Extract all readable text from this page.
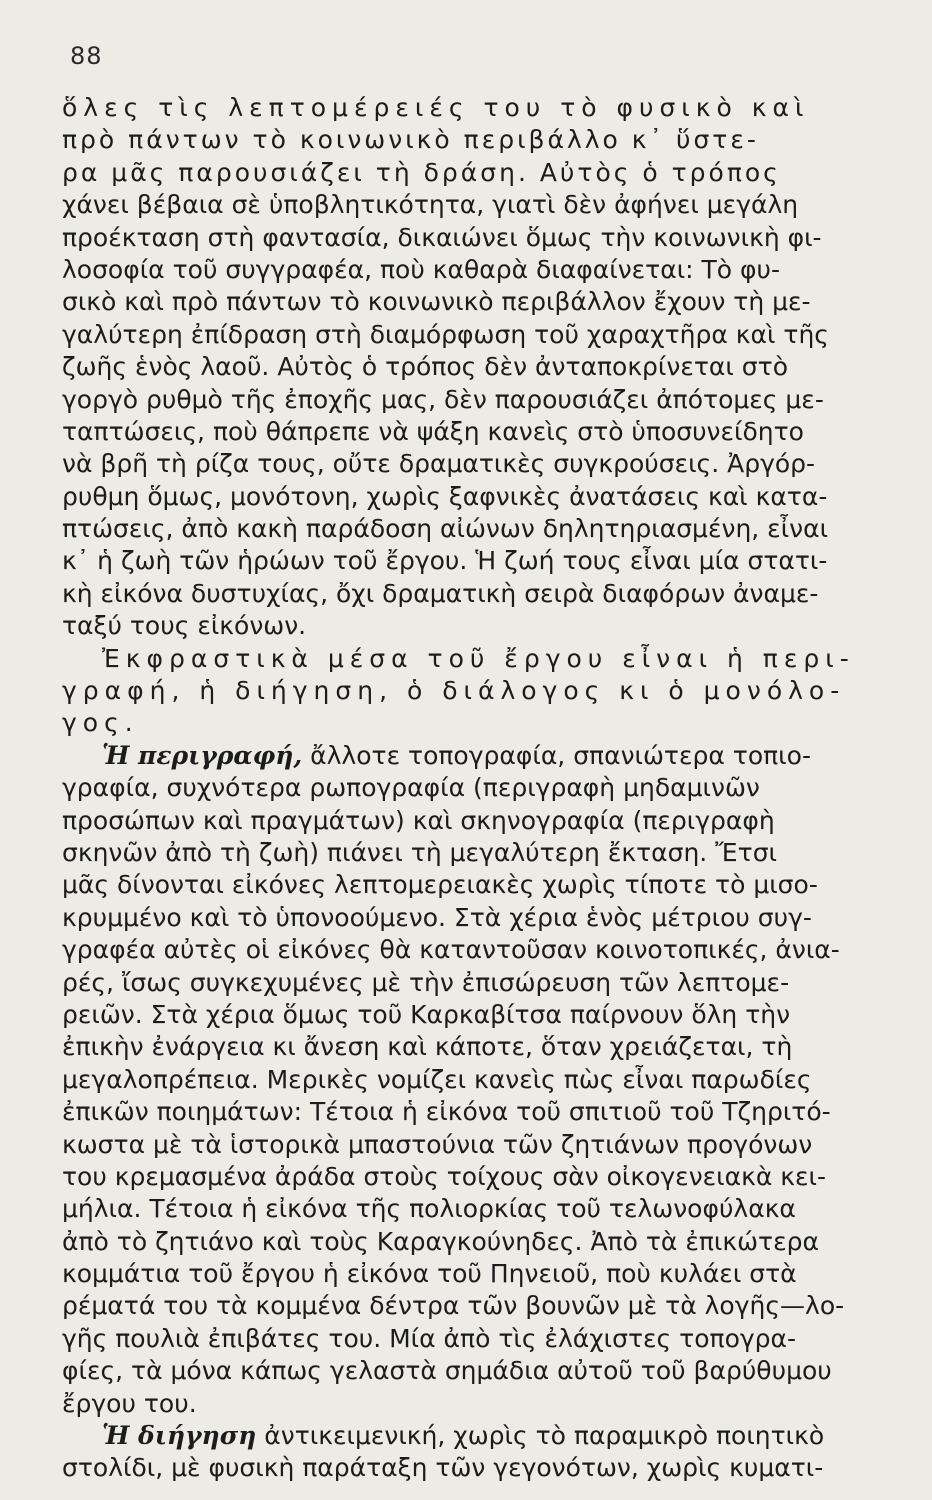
88
ὅλες τὶς λεπτομέρειές του τὸ φυσικὸ καὶ
πρὸ πάντων τὸ κοινωνικὸ περιβάλλο κ᾽ ὕστε-
ρα μᾶς παρουσιάζει τὴ δράση. Αὐτὸς ὁ τρόπος
χάνει βέβαια σὲ ὑποβλητικότητα, γιατὶ δὲν ἀφήνει μεγάλη
προέκταση στὴ φαντασία, δικαιώνει ὅμως τὴν κοινωνικὴ φι-
λοσοφία τοῦ συγγραφέα, ποὺ καθαρὰ διαφαίνεται: Τὸ φυ-
σικὸ καὶ πρὸ πάντων τὸ κοινωνικὸ περιβάλλον ἔχουν τὴ με-
γαλύτερη ἐπίδραση στὴ διαμόρφωση τοῦ χαραχτῆρα καὶ τῆς
ζωῆς ἑνὸς λαοῦ. Αὐτὸς ὁ τρόπος δὲν ἀνταποκρίνεται στὸ
γοργὸ ρυθμὸ τῆς ἐποχῆς μας, δὲν παρουσιάζει ἀπότομες με-
ταπτώσεις, ποὺ θάπρεπε νὰ ψάξη κανεὶς στὸ ὑποσυνείδητο
νὰ βρῆ τὴ ρίζα τους, οὔτε δραματικὲς συγκρούσεις. Ἀργόρ-
ρυθμη ὅμως, μονότονη, χωρὶς ξαφνικὲς ἀνατάσεις καὶ κατα-
πτώσεις, ἀπὸ κακὴ παράδοση αἰώνων δηλητηριασμένη, εἶναι
κ᾽ ἡ ζωὴ τῶν ἡρώων τοῦ ἔργου. Ἡ ζωή τους εἶναι μία στατι-
κὴ εἰκόνα δυστυχίας, ὄχι δραματικὴ σειρὰ διαφόρων ἀναμε-
ταξύ τους εἰκόνων.
Ἐκφραστικὰ μέσα τοῦ ἔργου εἶναι ἡ περι-
γραφή, ἡ διήγηση, ὁ διάλογος κι ὁ μονόλο-
γος.
Ἡ περιγραφή, ἄλλοτε τοπογραφία, σπανιώτερα τοπιο-
γραφία, συχνότερα ρωπογραφία (περιγραφὴ μηδαμινῶν
προσώπων καὶ πραγμάτων) καὶ σκηνογραφία (περιγραφὴ
σκηνῶν ἀπὸ τὴ ζωὴ) πιάνει τὴ μεγαλύτερη ἔκταση. Ἔτσι
μᾶς δίνονται εἰκόνες λεπτομερειακὲς χωρὶς τίποτε τὸ μισο-
κρυμμένο καὶ τὸ ὑπονοούμενο. Στὰ χέρια ἑνὸς μέτριου συγ-
γραφέα αὐτὲς οἱ εἰκόνες θὰ καταντοῦσαν κοινοτοπικές, ἀνια-
ρές, ἴσως συγκεχυμένες μὲ τὴν ἐπισώρευση τῶν λεπτομε-
ρειῶν. Στὰ χέρια ὅμως τοῦ Καρκαβίτσα παίρνουν ὅλη τὴν
ἐπικὴν ἐνάργεια κι ἄνεση καὶ κάποτε, ὅταν χρειάζεται, τὴ
μεγαλοπρέπεια. Μερικὲς νομίζει κανεὶς πὼς εἶναι παρωδίες
ἐπικῶν ποιημάτων: Τέτοια ἡ εἰκόνα τοῦ σπιτιοῦ τοῦ Τζηριτό-
κωστα μὲ τὰ ἱστορικὰ μπαστούνια τῶν ζητιάνων προγόνων
του κρεμασμένα ἀράδα στοὺς τοίχους σὰν οἰκογενειακὰ κει-
μήλια. Τέτοια ἡ εἰκόνα τῆς πολιορκίας τοῦ τελωνοφύλακα
ἀπὸ τὸ ζητιάνο καὶ τοὺς Καραγκούνηδες. Ἀπὸ τὰ ἐπικώτερα
κομμάτια τοῦ ἔργου ἡ εἰκόνα τοῦ Πηνειοῦ, ποὺ κυλάει στὰ
ρέματά του τὰ κομμένα δέντρα τῶν βουνῶν μὲ τὰ λογῆς—λο-
γῆς πουλιὰ ἐπιβάτες του. Μία ἀπὸ τὶς ἐλάχιστες τοπογρα-
φίες, τὰ μόνα κάπως γελαστὰ σημάδια αὐτοῦ τοῦ βαρύθυμου
ἔργου του.
Ἡ διήγηση ἀντικειμενική, χωρὶς τὸ παραμικρὸ ποιητικὸ
στολίδι, μὲ φυσικὴ παράταξη τῶν γεγονότων, χωρὶς κυματι-
